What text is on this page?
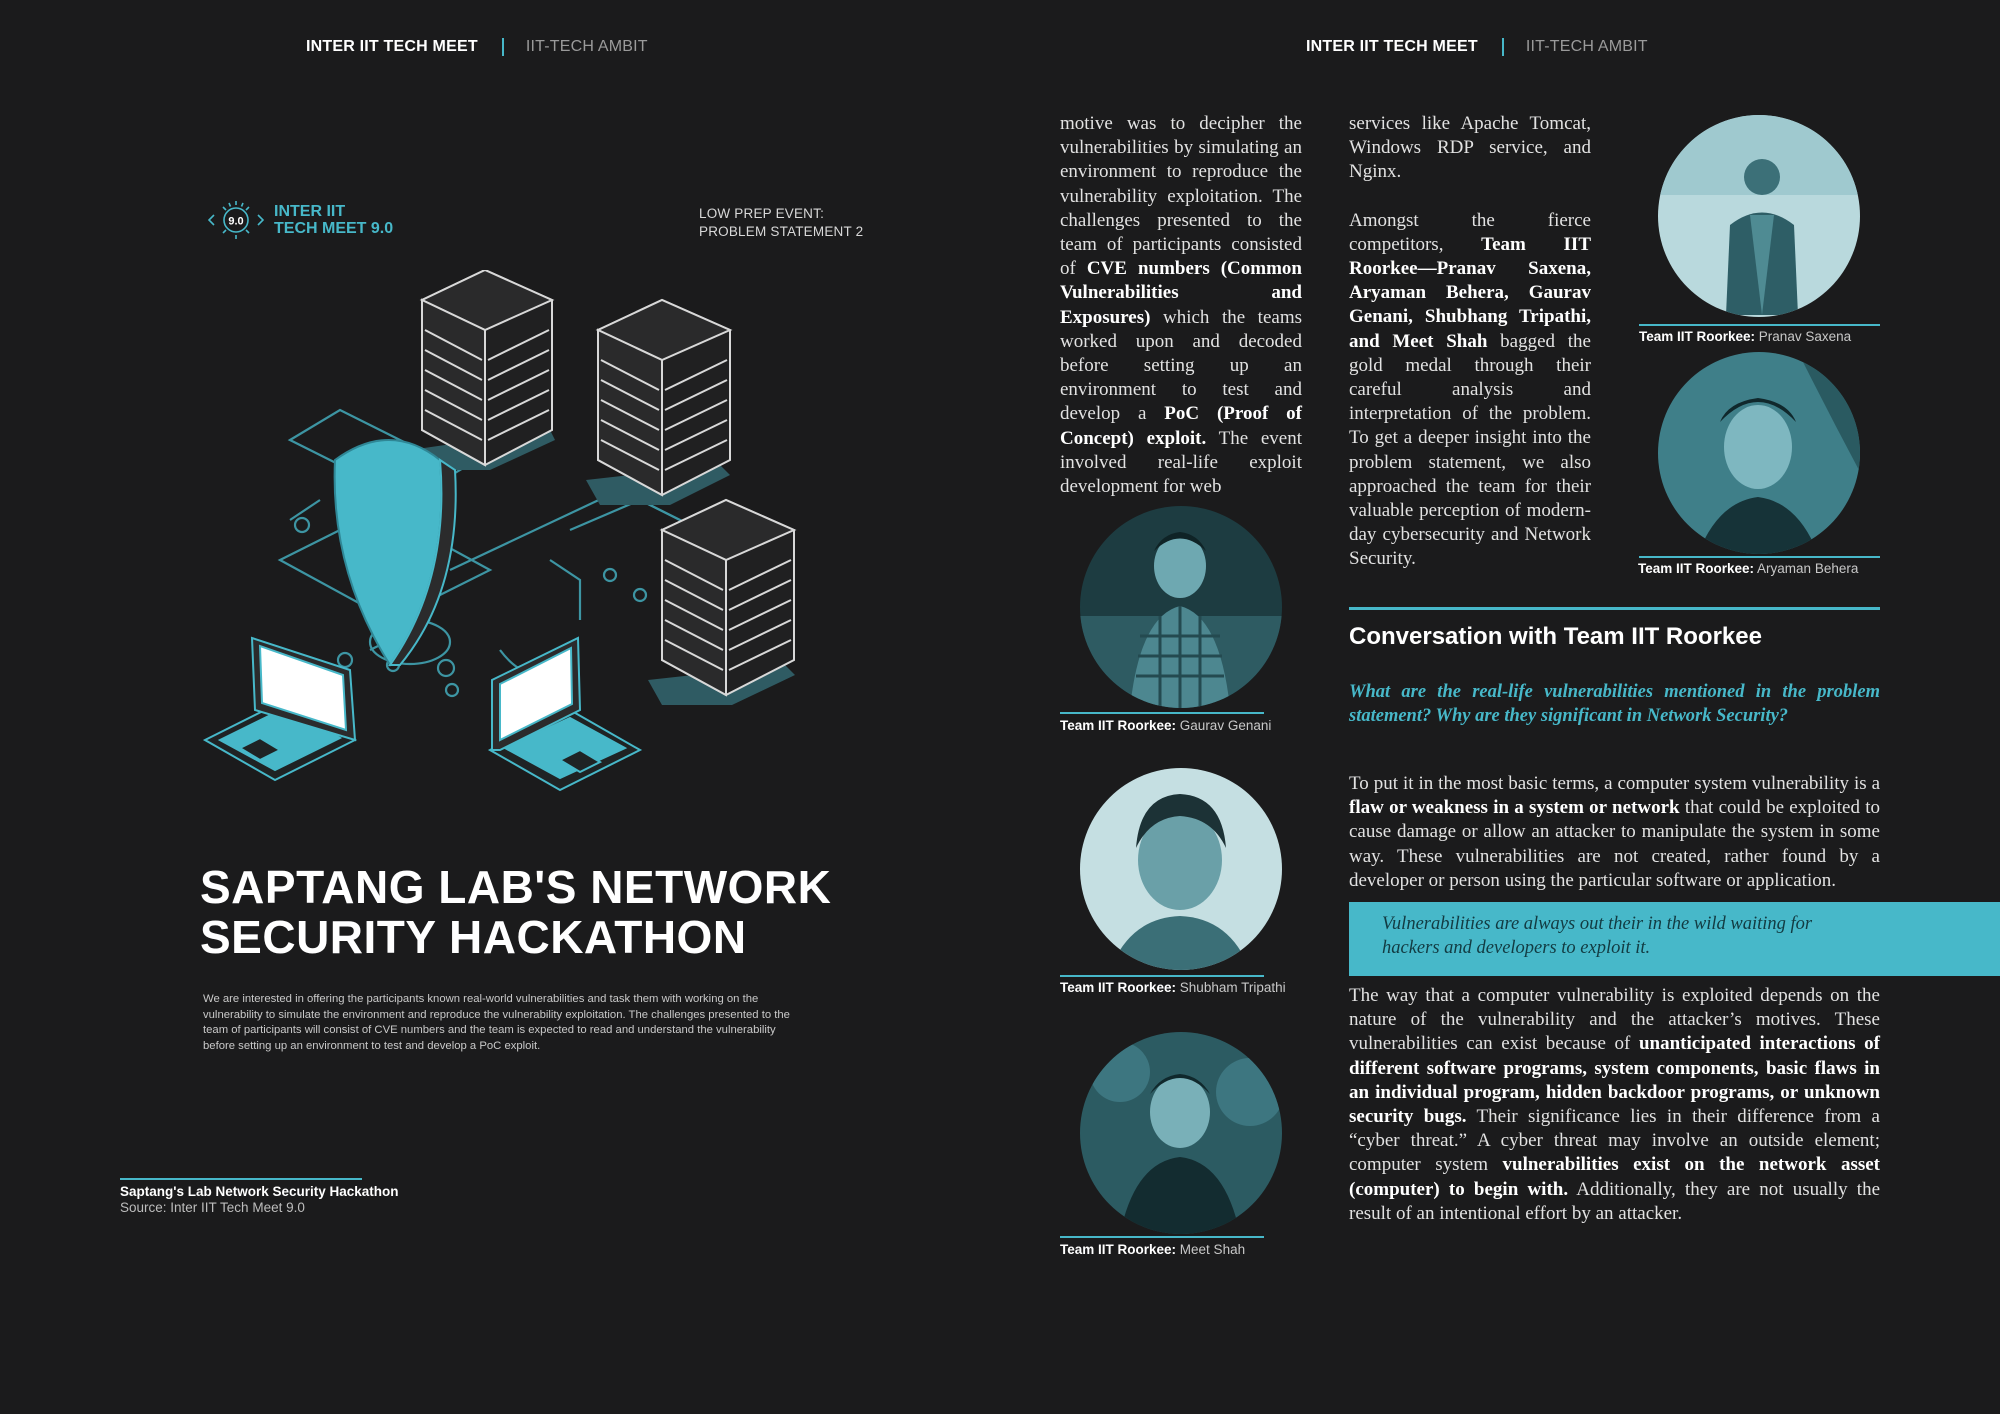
INTER IIT TECH MEET	IIT-TECH AMBIT
9.0
INTER IIT
TECH MEET 9.0
LOW PREP EVENT:
PROBLEM STATEMENT 2
SAPTANG LAB'S NETWORK
SECURITY HACKATHON

We are interested in offering the participants known real-world vulnerabilities and task them with working on the vulnerability to simulate the environment and reproduce the vulnerability exploitation. The challenges presented to the team of participants will consist of CVE numbers and the team is expected to read and understand the vulnerability before setting up an environment to test and develop a PoC exploit.

Saptang's Lab Network Security Hackathon
Source: Inter IIT Tech Meet 9.0
INTER IIT TECH MEET	IIT-TECH AMBIT

motive was to decipher the vulnerabilities by simulating an environment to reproduce the vulnerability exploitation. The challenges presented to the team of participants consisted of CVE numbers (Common Vulnerabilities and Exposures) which the teams worked upon and decoded before setting up an environment to test and develop a PoC (Proof of Concept) exploit. The event involved real-life exploit development for web

services like Apache Tomcat, Windows RDP service, and Nginx.

Amongst the fierce competitors, Team IIT Roorkee—Pranav Saxena, Aryaman Behera, Gaurav Genani, Shubhang Tripathi, and Meet Shah bagged the gold medal through their careful analysis and interpretation of the problem. To get a deeper insight into the problem statement, we also approached the team for their valuable perception of modern-day cybersecurity and Network Security.

Team IIT Roorkee: Pranav Saxena
Team IIT Roorkee: Aryaman Behera
Team IIT Roorkee: Gaurav Genani
Team IIT Roorkee: Shubham Tripathi
Team IIT Roorkee: Meet Shah
Conversation with Team IIT Roorkee

What are the real-life vulnerabilities mentioned in the problem statement? Why are they significant in Network Security?

To put it in the most basic terms, a computer system vulnerability is a flaw or weakness in a system or network that could be exploited to cause damage or allow an attacker to manipulate the system in some way. These vulnerabilities are not created, rather found by a developer or person using the particular software or application.

Vulnerabilities are always out their in the wild waiting for hackers and developers to exploit it.

The way that a computer vulnerability is exploited depends on the nature of the vulnerability and the attacker’s motives. These vulnerabilities can exist because of unanticipated interactions of different software programs, system components, basic flaws in an individual program, hidden backdoor programs, or unknown security bugs. Their significance lies in their difference from a “cyber threat.” A cyber threat may involve an outside element; computer system vulnerabilities exist on the network asset (computer) to begin with. Additionally, they are not usually the result of an intentional effort by an attacker.
